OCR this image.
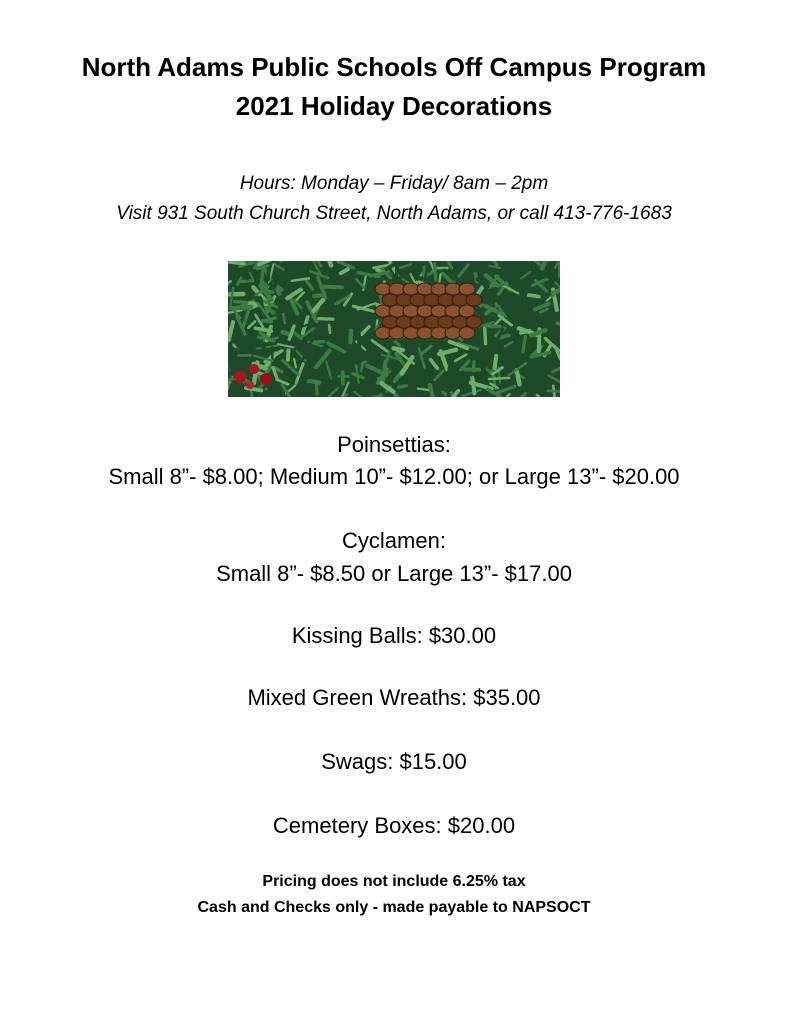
North Adams Public Schools Off Campus Program
2021 Holiday Decorations
Hours: Monday – Friday/ 8am – 2pm
Visit 931 South Church Street, North Adams, or call 413-776-1683
Poinsettias:
Small 8”- $8.00; Medium 10”- $12.00; or Large 13”- $20.00
Cyclamen:
Small 8”- $8.50 or Large 13”- $17.00
Kissing Balls: $30.00
Mixed Green Wreaths: $35.00
Swags: $15.00
Cemetery Boxes: $20.00
Pricing does not include 6.25% tax
Cash and Checks only - made payable to NAPSOCT
